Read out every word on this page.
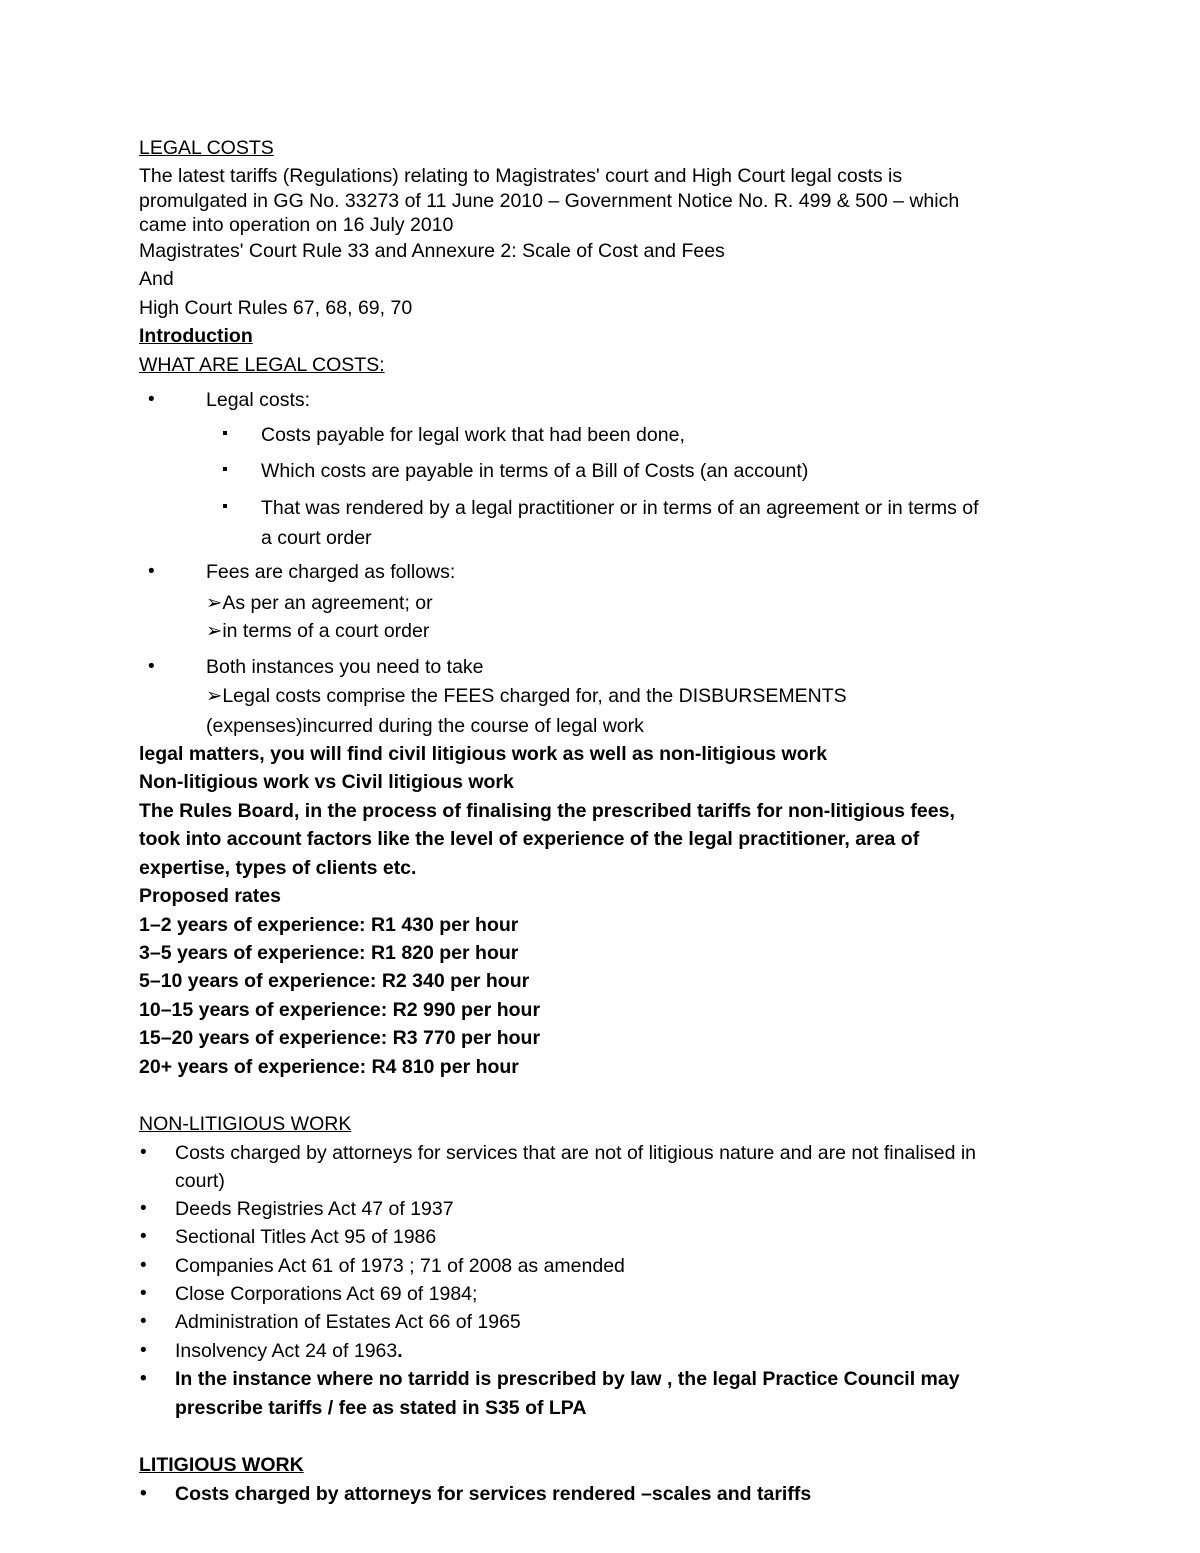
LEGAL COSTS
The latest tariffs (Regulations) relating to Magistrates' court and High Court legal costs is
promulgated in GG No. 33273 of 11 June 2010 – Government Notice No. R. 499 & 500 – which
came into operation on 16 July 2010
Magistrates' Court Rule 33 and Annexure 2: Scale of Cost and Fees
And
High Court Rules 67, 68, 69, 70
Introduction
WHAT ARE LEGAL COSTS:
•	Legal costs:
Costs payable for legal work that had been done,
Which costs are payable in terms of a Bill of Costs (an account)
That was rendered by a legal practitioner or in terms of an agreement or in terms of
a court order
•	Fees are charged as follows:
➢As per an agreement; or
➢in terms of a court order
•	Both instances you need to take
➢Legal costs comprise the FEES charged for, and the DISBURSEMENTS
(expenses)incurred during the course of legal work
legal matters, you will find civil litigious work as well as non-litigious work
Non-litigious work vs Civil litigious work
The Rules Board, in the process of finalising the prescribed tariffs for non-litigious fees,
took into account factors like the level of experience of the legal practitioner, area of
expertise, types of clients etc.
Proposed rates
1–2 years of experience: R1 430 per hour
3–5 years of experience: R1 820 per hour
5–10 years of experience: R2 340 per hour
10–15 years of experience: R2 990 per hour
15–20 years of experience: R3 770 per hour
20+ years of experience: R4 810 per hour
NON-LITIGIOUS WORK
• Costs charged by attorneys for services that are not of litigious nature and are not finalised in
court)
• Deeds Registries Act 47 of 1937
• Sectional Titles Act 95 of 1986
• Companies Act 61 of 1973 ; 71 of 2008 as amended
• Close Corporations Act 69 of 1984;
• Administration of Estates Act 66 of 1965
• Insolvency Act 24 of 1963.
• In the instance where no tarridd is prescribed by law , the legal Practice Council may
prescribe tariffs / fee as stated in S35 of LPA
LITIGIOUS WORK
• Costs charged by attorneys for services rendered –scales and tariffs
